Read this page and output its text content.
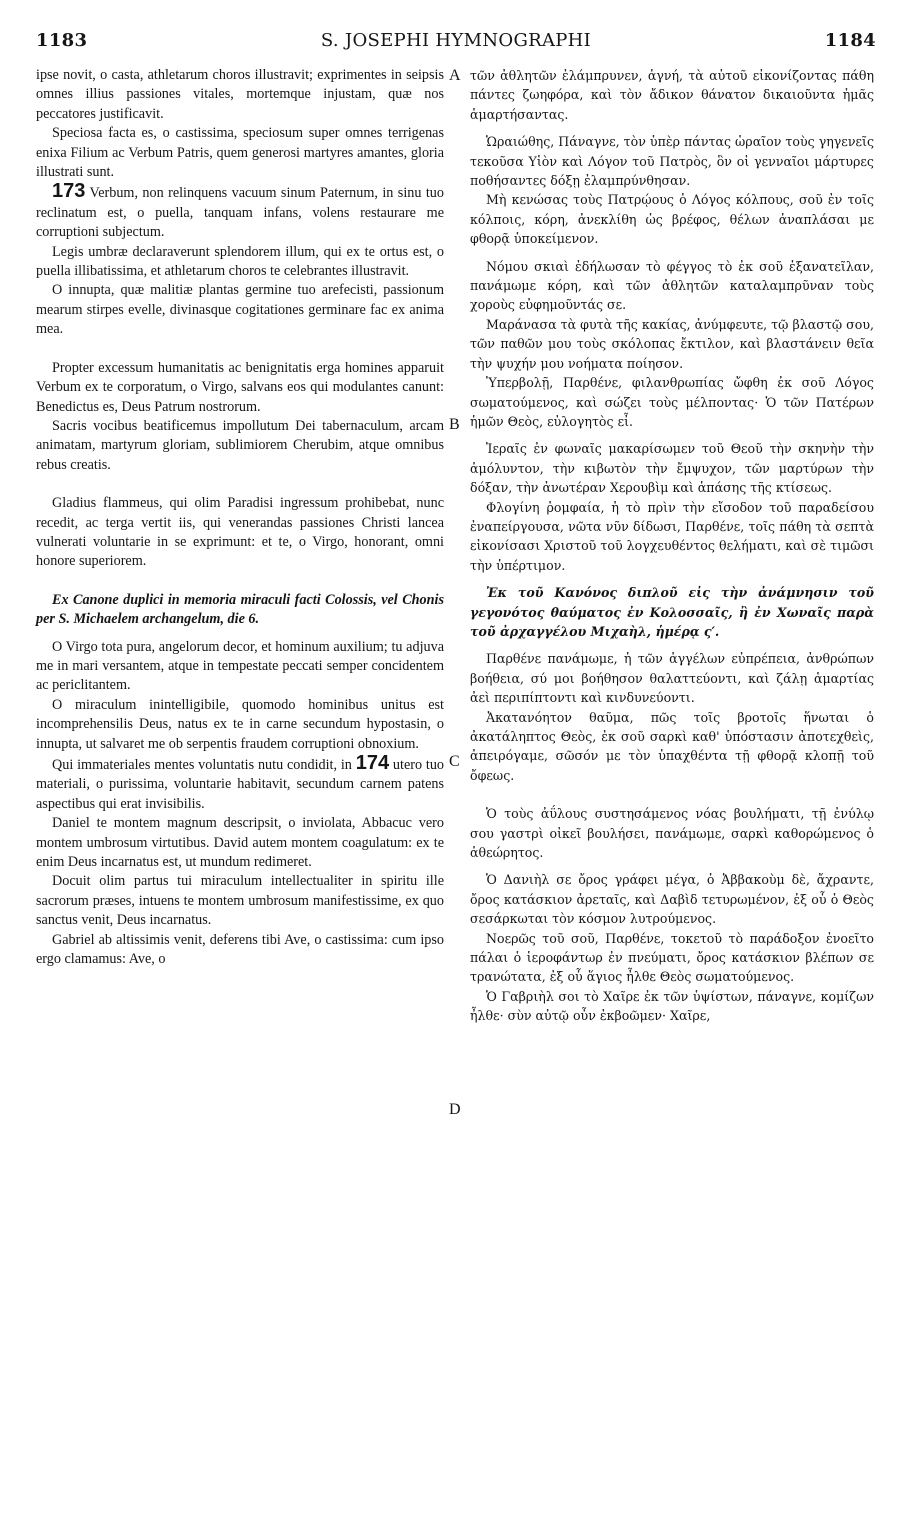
1183	S. JOSEPHI HYMNOGRAPHI	1184
A
B
C
D

ipse novit, o casta, athletarum choros illustravit; exprimentes in seipsis omnes illius passiones vitales, mortemque injustam, quæ nos peccatores justificavit.

Speciosa facta es, o castissima, speciosum super omnes terrigenas enixa Filium ac Verbum Patris, quem generosi martyres amantes, gloria illustrati sunt.

173 Verbum, non relinquens vacuum sinum Paternum, in sinu tuo reclinatum est, o puella, tanquam infans, volens restaurare me corruptioni subjectum.

Legis umbræ declaraverunt splendorem illum, qui ex te ortus est, o puella illibatissima, et athletarum choros te celebrantes illustravit.

O innupta, quæ malitiæ plantas germine tuo arefecisti, passionum mearum stirpes evelle, divinasque cogitationes germinare fac ex anima mea.

Propter excessum humanitatis ac benignitatis erga homines apparuit Verbum ex te corporatum, o Virgo, salvans eos qui modulantes canunt: Benedictus es, Deus Patrum nostrorum.

Sacris vocibus beatificemus impollutum Dei tabernaculum, arcam animatam, martyrum gloriam, sublimiorem Cherubim, atque omnibus rebus creatis.

Gladius flammeus, qui olim Paradisi ingressum prohibebat, nunc recedit, ac terga vertit iis, qui venerandas passiones Christi lancea vulnerati voluntarie in se exprimunt: et te, o Virgo, honorant, omni honore superiorem.

Ex Canone duplici in memoria miraculi facti Colossis, vel Chonis per S. Michaelem archangelum, die 6.

O Virgo tota pura, angelorum decor, et hominum auxilium; tu adjuva me in mari versantem, atque in tempestate peccati semper concidentem ac periclitantem.

O miraculum inintelligibile, quomodo hominibus unitus est incomprehensilis Deus, natus ex te in carne secundum hypostasin, o innupta, ut salvaret me ob serpentis fraudem corruptioni obnoxium.

Qui immateriales mentes voluntatis nutu condidit, in 174 utero tuo materiali, o purissima, voluntarie habitavit, secundum carnem patens aspectibus qui erat invisibilis.

Daniel te montem magnum descripsit, o inviolata, Abbacuc vero montem umbrosum virtutibus. David autem montem coagulatum: ex te enim Deus incarnatus est, ut mundum redimeret.

Docuit olim partus tui miraculum intellectualiter in spiritu ille sacrorum præses, intuens te montem umbrosum manifestissime, ex quo sanctus venit, Deus incarnatus.

Gabriel ab altissimis venit, deferens tibi Ave, o castissima: cum ipso ergo clamamus: Ave, o

τῶν ἀθλητῶν ἐλάμπρυνεν, ἁγνή, τὰ αὐτοῦ εἰκονίζοντας πάθη πάντες ζωηφόρα, καὶ τὸν ἄδικον θάνατον δικαιοῦντα ἡμᾶς ἁμαρτήσαντας.

Ὡραιώθης, Πάναγνε, τὸν ὑπὲρ πάντας ὡραῖον τοὺς γηγενεῖς τεκοῦσα Υἱὸν καὶ Λόγον τοῦ Πατρὸς, ὃν οἱ γενναῖοι μάρτυρες ποθήσαντες δόξῃ ἐλαμπρύνθησαν.

Μὴ κενώσας τοὺς Πατρῴους ὁ Λόγος κόλπους, σοῦ ἐν τοῖς κόλποις, κόρη, ἀνεκλίθη ὡς βρέφος, θέλων ἀναπλάσαι με φθορᾷ ὑποκείμενον.

Νόμου σκιαὶ ἐδήλωσαν τὸ φέγγος τὸ ἐκ σοῦ ἐξανατεῖλαν, πανάμωμε κόρη, καὶ τῶν ἀθλητῶν καταλαμπρῦναν τοὺς χοροὺς εὐφημοῦντάς σε.

Μαράνασα τὰ φυτὰ τῆς κακίας, ἀνύμφευτε, τῷ βλαστῷ σου, τῶν παθῶν μου τοὺς σκόλοπας ἔκτιλον, καὶ βλαστάνειν θεῖα τὴν ψυχήν μου νοήματα ποίησον.

Ὑπερβολῇ, Παρθένε, φιλανθρωπίας ὤφθη ἐκ σοῦ Λόγος σωματούμενος, καὶ σώζει τοὺς μέλποντας· Ὁ τῶν Πατέρων ἡμῶν Θεὸς, εὐλογητὸς εἶ.

Ἱεραῖς ἐν φωναῖς μακαρίσωμεν τοῦ Θεοῦ τὴν σκηνὴν τὴν ἀμόλυντον, τὴν κιβωτὸν τὴν ἔμψυχον, τῶν μαρτύρων τὴν δόξαν, τὴν ἀνωτέραν Χερουβὶμ καὶ ἁπάσης τῆς κτίσεως.

Φλογίνη ῥομφαία, ἡ τὸ πρὶν τὴν εἴσοδον τοῦ παραδείσου ἐναπείργουσα, νῶτα νῦν δίδωσι, Παρθένε, τοῖς πάθη τὰ σεπτὰ εἰκονίσασι Χριστοῦ τοῦ λογχευθέντος θελήματι, καὶ σὲ τιμῶσι τὴν ὑπέρτιμον.

Ἐκ τοῦ Κανόνος διπλοῦ εἰς τὴν ἀνάμνησιν τοῦ γεγονότος θαύματος ἐν Κολοσσαῖς, ἢ ἐν Χωναῖς παρὰ τοῦ ἀρχαγγέλου Μιχαὴλ, ἡμέρᾳ ς′.

Παρθένε πανάμωμε, ἡ τῶν ἀγγέλων εὐπρέπεια, ἀνθρώπων βοήθεια, σύ μοι βοήθησον θαλαττεύοντι, καὶ ζάλῃ ἁμαρτίας ἀεὶ περιπίπτοντι καὶ κινδυνεύοντι.

Ἀκατανόητον θαῦμα, πῶς τοῖς βροτοῖς ἥνωται ὁ ἀκατάληπτος Θεὸς, ἐκ σοῦ σαρκὶ καθ' ὑπόστασιν ἀποτεχθεὶς, ἀπειρόγαμε, σῶσόν με τὸν ὑπαχθέντα τῇ φθορᾷ κλοπῇ τοῦ ὄφεως.

Ὁ τοὺς ἀΰλους συστησάμενος νόας βουλήματι, τῇ ἐνύλῳ σου γαστρὶ οἰκεῖ βουλήσει, πανάμωμε, σαρκὶ καθορώμενος ὁ ἀθεώρητος.

Ὁ Δανιὴλ σε ὄρος γράφει μέγα, ὁ Ἀββακοὺμ δὲ, ἄχραντε, ὄρος κατάσκιον ἀρεταῖς, καὶ Δαβὶδ τετυρωμένον, ἐξ οὗ ὁ Θεὸς σεσάρκωται τὸν κόσμον λυτρούμενος.

Νοερῶς τοῦ σοῦ, Παρθένε, τοκετοῦ τὸ παράδοξον ἐνοεῖτο πάλαι ὁ ἱεροφάντωρ ἐν πνεύματι, ὄρος κατάσκιον βλέπων σε τρανώτατα, ἐξ οὗ ἅγιος ἦλθε Θεὸς σωματούμενος.

Ὁ Γαβριὴλ σοι τὸ Χαῖρε ἐκ τῶν ὑψίστων, πάναγνε, κομίζων ἦλθε· σὺν αὐτῷ οὖν ἐκβοῶμεν· Χαῖρε,
